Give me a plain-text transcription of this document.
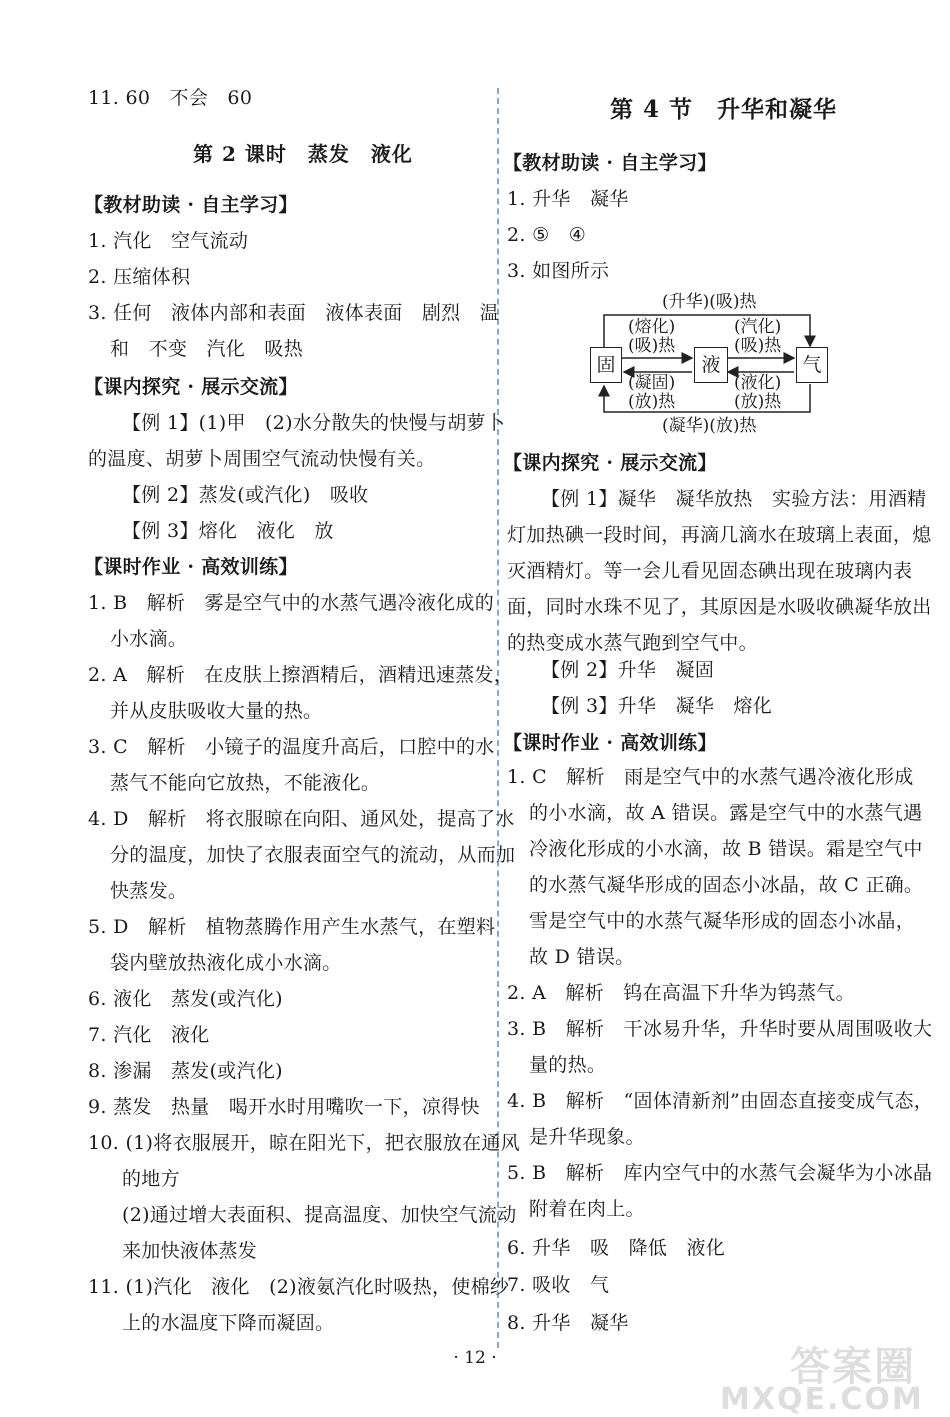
11. 60　不会　60
第 2 课时　蒸发　液化
【教材助读 · 自主学习】
1. 汽化　空气流动
2. 压缩体积
3. 任何　液体内部和表面　液体表面　剧烈　温
和　不变　汽化　吸热
【课内探究 · 展示交流】
【例 1】(1)甲　(2)水分散失的快慢与胡萝卜
的温度、胡萝卜周围空气流动快慢有关。
【例 2】蒸发(或汽化)　吸收
【例 3】熔化　液化　放
【课时作业 · 高效训练】
1. B　解析　雾是空气中的水蒸气遇冷液化成的
小水滴。
2. A　解析　在皮肤上擦酒精后，酒精迅速蒸发，
并从皮肤吸收大量的热。
3. C　解析　小镜子的温度升高后，口腔中的水
蒸气不能向它放热，不能液化。
4. D　解析　将衣服晾在向阳、通风处，提高了水
分的温度，加快了衣服表面空气的流动，从而加
快蒸发。
5. D　解析　植物蒸腾作用产生水蒸气，在塑料
袋内壁放热液化成小水滴。
6. 液化　蒸发(或汽化)
7. 汽化　液化
8. 渗漏　蒸发(或汽化)
9. 蒸发　热量　喝开水时用嘴吹一下，凉得快
10. (1)将衣服展开，晾在阳光下，把衣服放在通风
的地方
(2)通过增大表面积、提高温度、加快空气流动
来加快液体蒸发
11. (1)汽化　液化　(2)液氨汽化时吸热，使棉纱
上的水温度下降而凝固。
第 4 节　升华和凝华
【教材助读 · 自主学习】
1. 升华　凝华
2. ⑤　④
3. 如图所示
(升华)(吸)热
固	液	气
(熔化)
(吸)热
(汽化)
(吸)热
(凝固)
(放)热
(液化)
(放)热
(凝华)(放)热
【课内探究 · 展示交流】
【例 1】凝华　凝华放热　实验方法：用酒精
灯加热碘一段时间，再滴几滴水在玻璃上表面，熄
灭酒精灯。等一会儿看见固态碘出现在玻璃内表
面，同时水珠不见了，其原因是水吸收碘凝华放出
的热变成水蒸气跑到空气中。
【例 2】升华　凝固
【例 3】升华　凝华　熔化
【课时作业 · 高效训练】
1. C　解析　雨是空气中的水蒸气遇冷液化形成
的小水滴，故 A 错误。露是空气中的水蒸气遇
冷液化形成的小水滴，故 B 错误。霜是空气中
的水蒸气凝华形成的固态小冰晶，故 C 正确。
雪是空气中的水蒸气凝华形成的固态小冰晶，
故 D 错误。
2. A　解析　钨在高温下升华为钨蒸气。
3. B　解析　干冰易升华，升华时要从周围吸收大
量的热。
4. B　解析　“固体清新剂”由固态直接变成气态，
是升华现象。
5. B　解析　库内空气中的水蒸气会凝华为小冰晶
附着在肉上。
6. 升华　吸　降低　液化
7. 吸收　气
8. 升华　凝华
· 12 ·	答案圈
MXQE.COM
